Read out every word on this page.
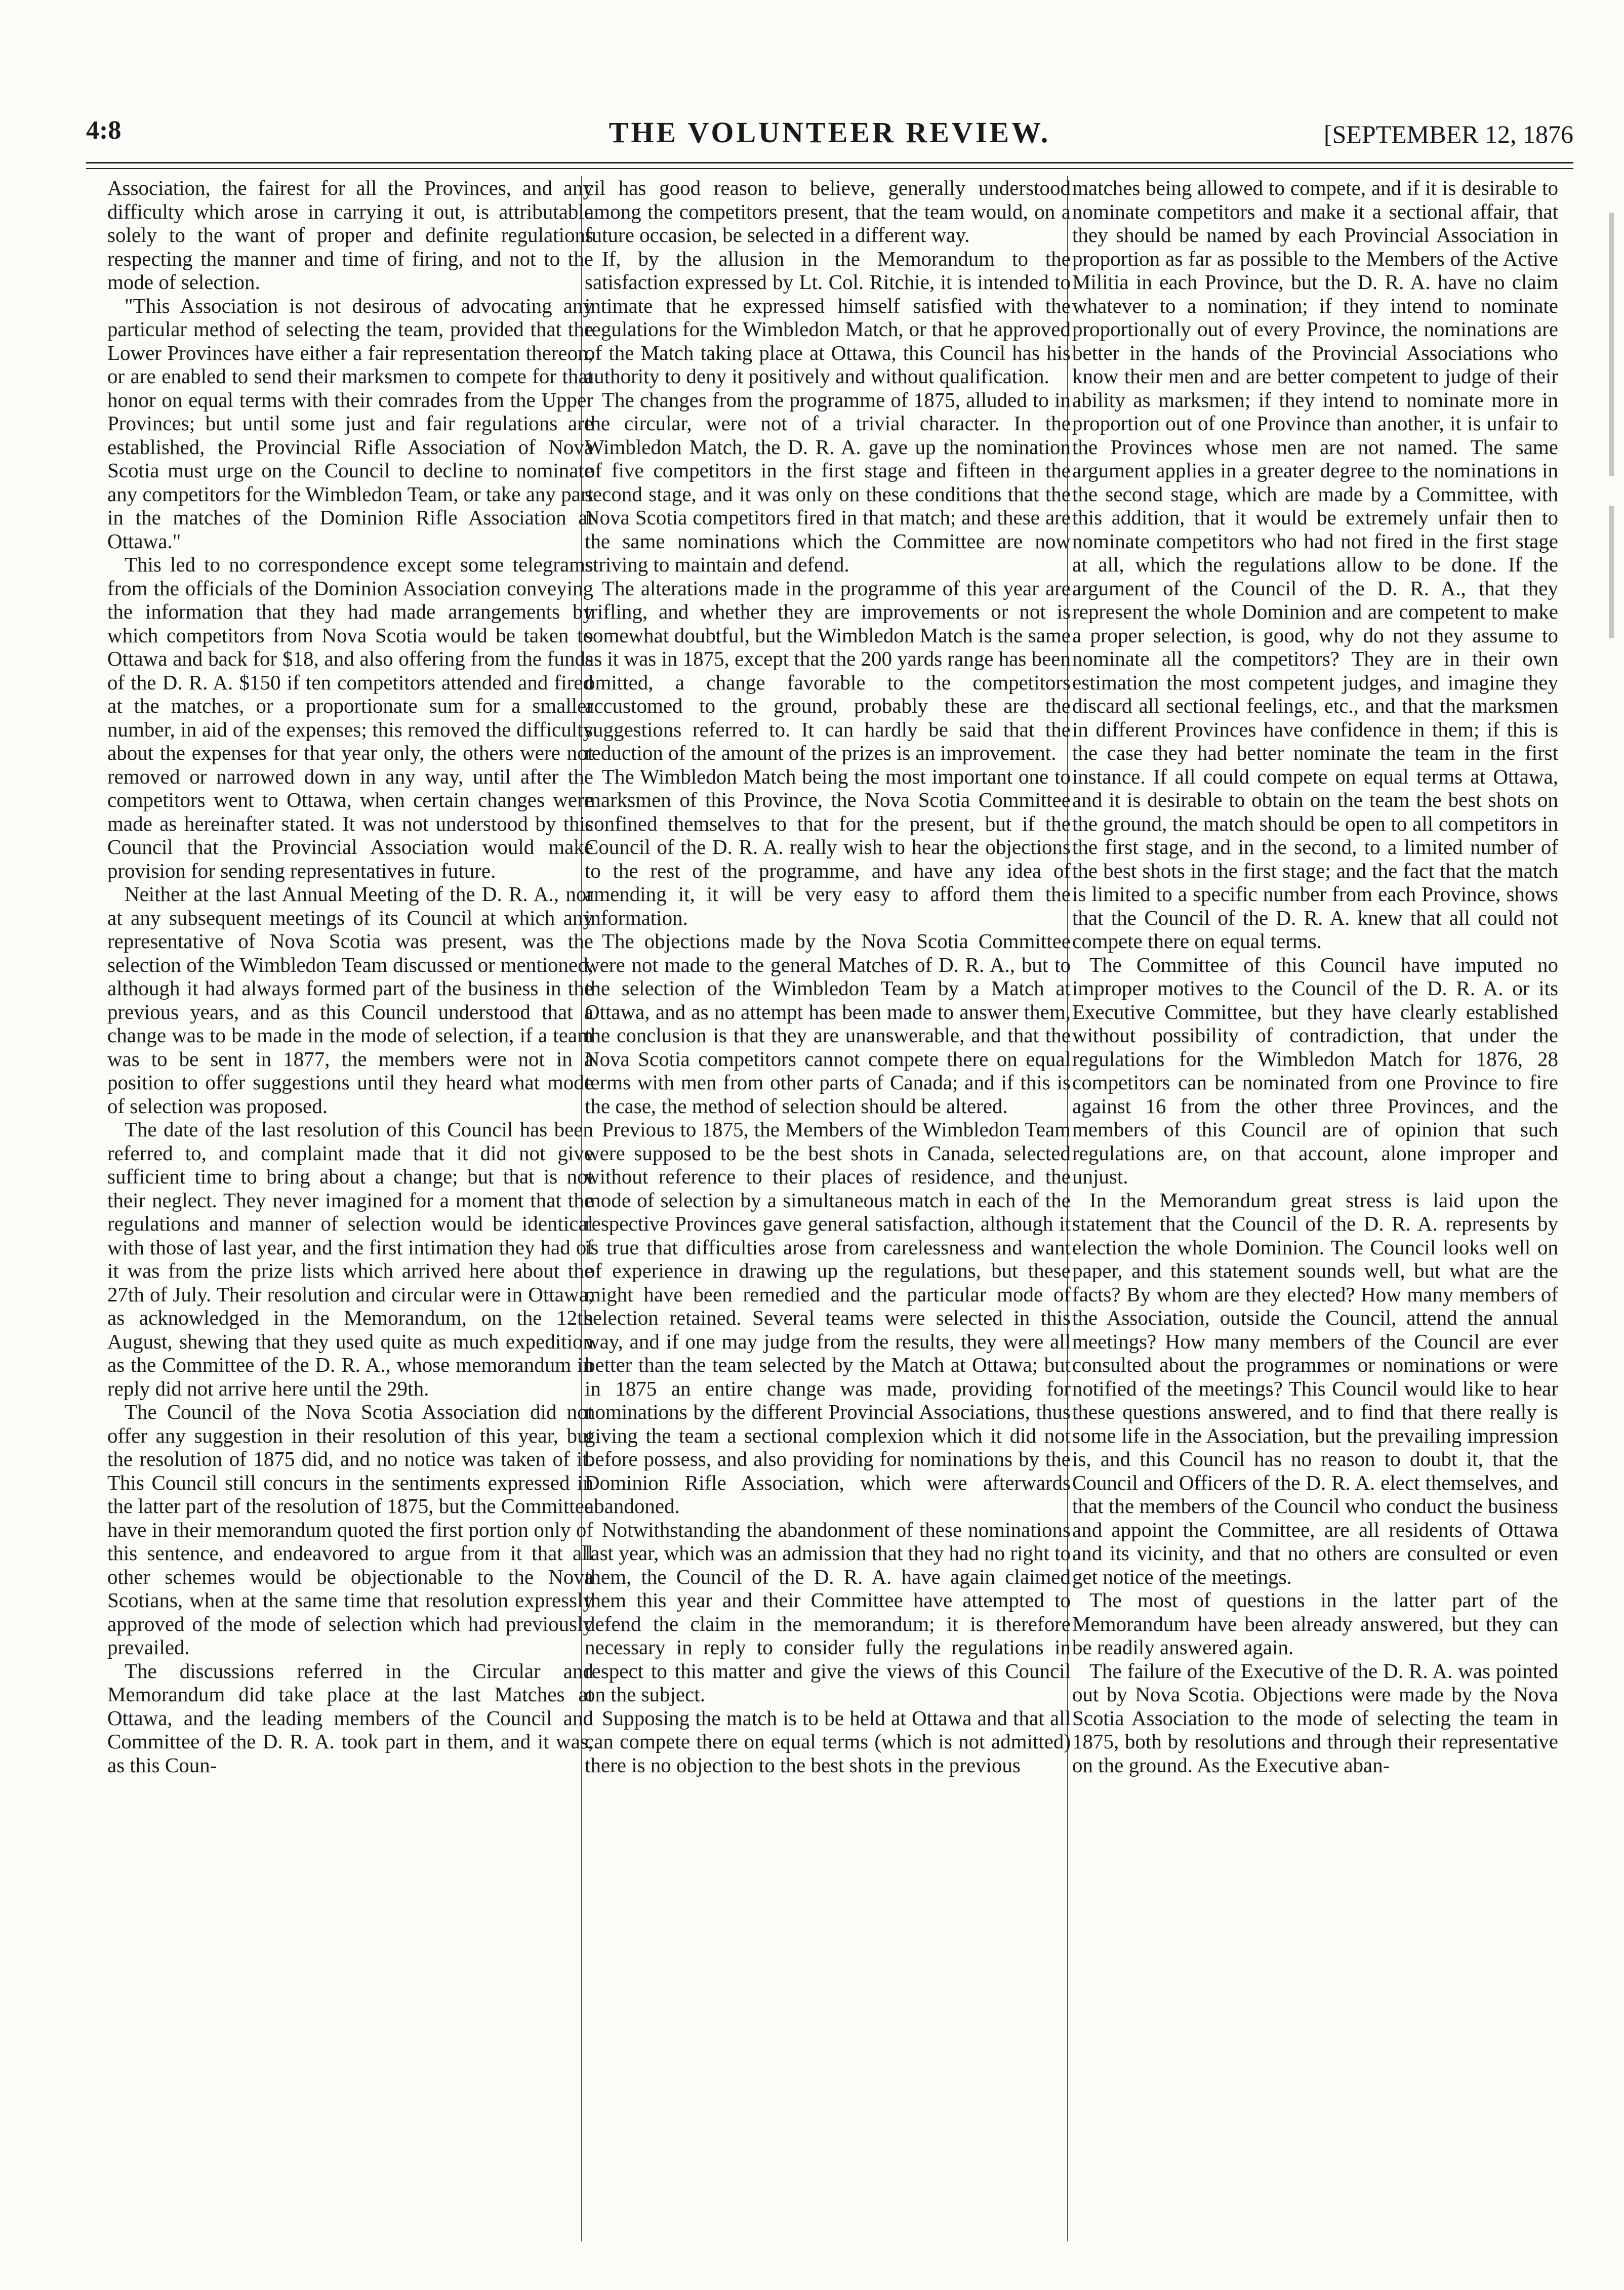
4:8	THE VOLUNTEER REVIEW.	[SEPTEMBER 12, 1876

Association, the fairest for all the Provinces, and any difficulty which arose in carrying it out, is attributable solely to the want of proper and definite regulations respecting the manner and time of firing, and not to the mode of selection.

"This Association is not desirous of advocating any particular method of selecting the team, provided that the Lower Provinces have either a fair representation thereon, or are enabled to send their marksmen to compete for that honor on equal terms with their comrades from the Upper Provinces; but until some just and fair regulations are established, the Provincial Rifle Association of Nova Scotia must urge on the Council to decline to nominate any competitors for the Wimbledon Team, or take any part in the matches of the Dominion Rifle Association at Ottawa."

This led to no correspondence except some telegrams from the officials of the Dominion Association conveying the information that they had made arrangements by which competitors from Nova Scotia would be taken to Ottawa and back for $18, and also offering from the funds of the D. R. A. $150 if ten competitors attended and fired at the matches, or a proportionate sum for a smaller number, in aid of the expenses; this removed the difficulty about the expenses for that year only, the others were not removed or narrowed down in any way, until after the competitors went to Ottawa, when certain changes were made as hereinafter stated. It was not understood by this Council that the Provincial Association would make provision for sending representatives in future.

Neither at the last Annual Meeting of the D. R. A., nor at any subsequent meetings of its Council at which any representative of Nova Scotia was present, was the selection of the Wimbledon Team discussed or mentioned, although it had always formed part of the business in the previous years, and as this Council understood that a change was to be made in the mode of selection, if a team was to be sent in 1877, the members were not in a position to offer suggestions until they heard what mode of selection was proposed.

The date of the last resolution of this Council has been referred to, and complaint made that it did not give sufficient time to bring about a change; but that is not their neglect. They never imagined for a moment that the regulations and manner of selection would be identical with those of last year, and the first intimation they had of it was from the prize lists which arrived here about the 27th of July. Their resolution and circular were in Ottawa, as acknowledged in the Memorandum, on the 12th August, shewing that they used quite as much expedition as the Committee of the D. R. A., whose memorandum in reply did not arrive here until the 29th.

The Council of the Nova Scotia Association did not offer any suggestion in their resolution of this year, but the resolution of 1875 did, and no notice was taken of it. This Council still concurs in the sentiments expressed in the latter part of the resolution of 1875, but the Committee have in their memorandum quoted the first portion only of this sentence, and endeavored to argue from it that all other schemes would be objectionable to the Nova Scotians, when at the same time that resolution expressly approved of the mode of selection which had previously prevailed.

The discussions referred in the Circular and Memorandum did take place at the last Matches at Ottawa, and the leading members of the Council and Committee of the D. R. A. took part in them, and it was, as this Coun-

cil has good reason to believe, generally understood among the competitors present, that the team would, on a future occasion, be selected in a different way.

If, by the allusion in the Memorandum to the satisfaction expressed by Lt. Col. Ritchie, it is intended to intimate that he expressed himself satisfied with the regulations for the Wimbledon Match, or that he approved of the Match taking place at Ottawa, this Council has his authority to deny it positively and without qualification.

The changes from the programme of 1875, alluded to in the circular, were not of a trivial character. In the Wimbledon Match, the D. R. A. gave up the nomination of five competitors in the first stage and fifteen in the second stage, and it was only on these conditions that the Nova Scotia competitors fired in that match; and these are the same nominations which the Committee are now striving to maintain and defend.

The alterations made in the programme of this year are trifling, and whether they are improvements or not is somewhat doubtful, but the Wimbledon Match is the same as it was in 1875, except that the 200 yards range has been omitted, a change favorable to the competitors accustomed to the ground, probably these are the suggestions referred to. It can hardly be said that the reduction of the amount of the prizes is an improvement.

The Wimbledon Match being the most important one to marksmen of this Province, the Nova Scotia Committee confined themselves to that for the present, but if the Council of the D. R. A. really wish to hear the objections to the rest of the programme, and have any idea of amending it, it will be very easy to afford them the information.

The objections made by the Nova Scotia Committee were not made to the general Matches of D. R. A., but to the selection of the Wimbledon Team by a Match at Ottawa, and as no attempt has been made to answer them, the conclusion is that they are unanswerable, and that the Nova Scotia competitors cannot compete there on equal terms with men from other parts of Canada; and if this is the case, the method of selection should be altered.

Previous to 1875, the Members of the Wimbledon Team were supposed to be the best shots in Canada, selected without reference to their places of residence, and the mode of selection by a simultaneous match in each of the respective Provinces gave general satisfaction, although it is true that difficulties arose from carelessness and want of experience in drawing up the regulations, but these might have been remedied and the particular mode of selection retained. Several teams were selected in this way, and if one may judge from the results, they were all better than the team selected by the Match at Ottawa; but in 1875 an entire change was made, providing for nominations by the different Provincial Associations, thus giving the team a sectional complexion which it did not before possess, and also providing for nominations by the Dominion Rifle Association, which were afterwards abandoned.

Notwithstanding the abandonment of these nominations last year, which was an admission that they had no right to them, the Council of the D. R. A. have again claimed them this year and their Committee have attempted to defend the claim in the memorandum; it is therefore necessary in reply to consider fully the regulations in respect to this matter and give the views of this Council on the subject.

Supposing the match is to be held at Ottawa and that all can compete there on equal terms (which is not admitted) there is no objection to the best shots in the previous

matches being allowed to compete, and if it is desirable to nominate competitors and make it a sectional affair, that they should be named by each Provincial Association in proportion as far as possible to the Members of the Active Militia in each Province, but the D. R. A. have no claim whatever to a nomination; if they intend to nominate proportionally out of every Province, the nominations are better in the hands of the Provincial Associations who know their men and are better competent to judge of their ability as marksmen; if they intend to nominate more in proportion out of one Province than another, it is unfair to the Provinces whose men are not named. The same argument applies in a greater degree to the nominations in the second stage, which are made by a Committee, with this addition, that it would be extremely unfair then to nominate competitors who had not fired in the first stage at all, which the regulations allow to be done. If the argument of the Council of the D. R. A., that they represent the whole Dominion and are competent to make a proper selection, is good, why do not they assume to nominate all the competitors? They are in their own estimation the most competent judges, and imagine they discard all sectional feelings, etc., and that the marksmen in different Provinces have confidence in them; if this is the case they had better nominate the team in the first instance. If all could compete on equal terms at Ottawa, and it is desirable to obtain on the team the best shots on the ground, the match should be open to all competitors in the first stage, and in the second, to a limited number of the best shots in the first stage; and the fact that the match is limited to a specific number from each Province, shows that the Council of the D. R. A. knew that all could not compete there on equal terms.

The Committee of this Council have imputed no improper motives to the Council of the D. R. A. or its Executive Committee, but they have clearly established without possibility of contradiction, that under the regulations for the Wimbledon Match for 1876, 28 competitors can be nominated from one Province to fire against 16 from the other three Provinces, and the members of this Council are of opinion that such regulations are, on that account, alone improper and unjust.

In the Memorandum great stress is laid upon the statement that the Council of the D. R. A. represents by election the whole Dominion. The Council looks well on paper, and this statement sounds well, but what are the facts? By whom are they elected? How many members of the Association, outside the Council, attend the annual meetings? How many members of the Council are ever consulted about the programmes or nominations or were notified of the meetings? This Council would like to hear these questions answered, and to find that there really is some life in the Association, but the prevailing impression is, and this Council has no reason to doubt it, that the Council and Officers of the D. R. A. elect themselves, and that the members of the Council who conduct the business and appoint the Committee, are all residents of Ottawa and its vicinity, and that no others are consulted or even get notice of the meetings.

The most of questions in the latter part of the Memorandum have been already answered, but they can be readily answered again.

The failure of the Executive of the D. R. A. was pointed out by Nova Scotia. Objections were made by the Nova Scotia Association to the mode of selecting the team in 1875, both by resolutions and through their representative on the ground. As the Executive aban-
